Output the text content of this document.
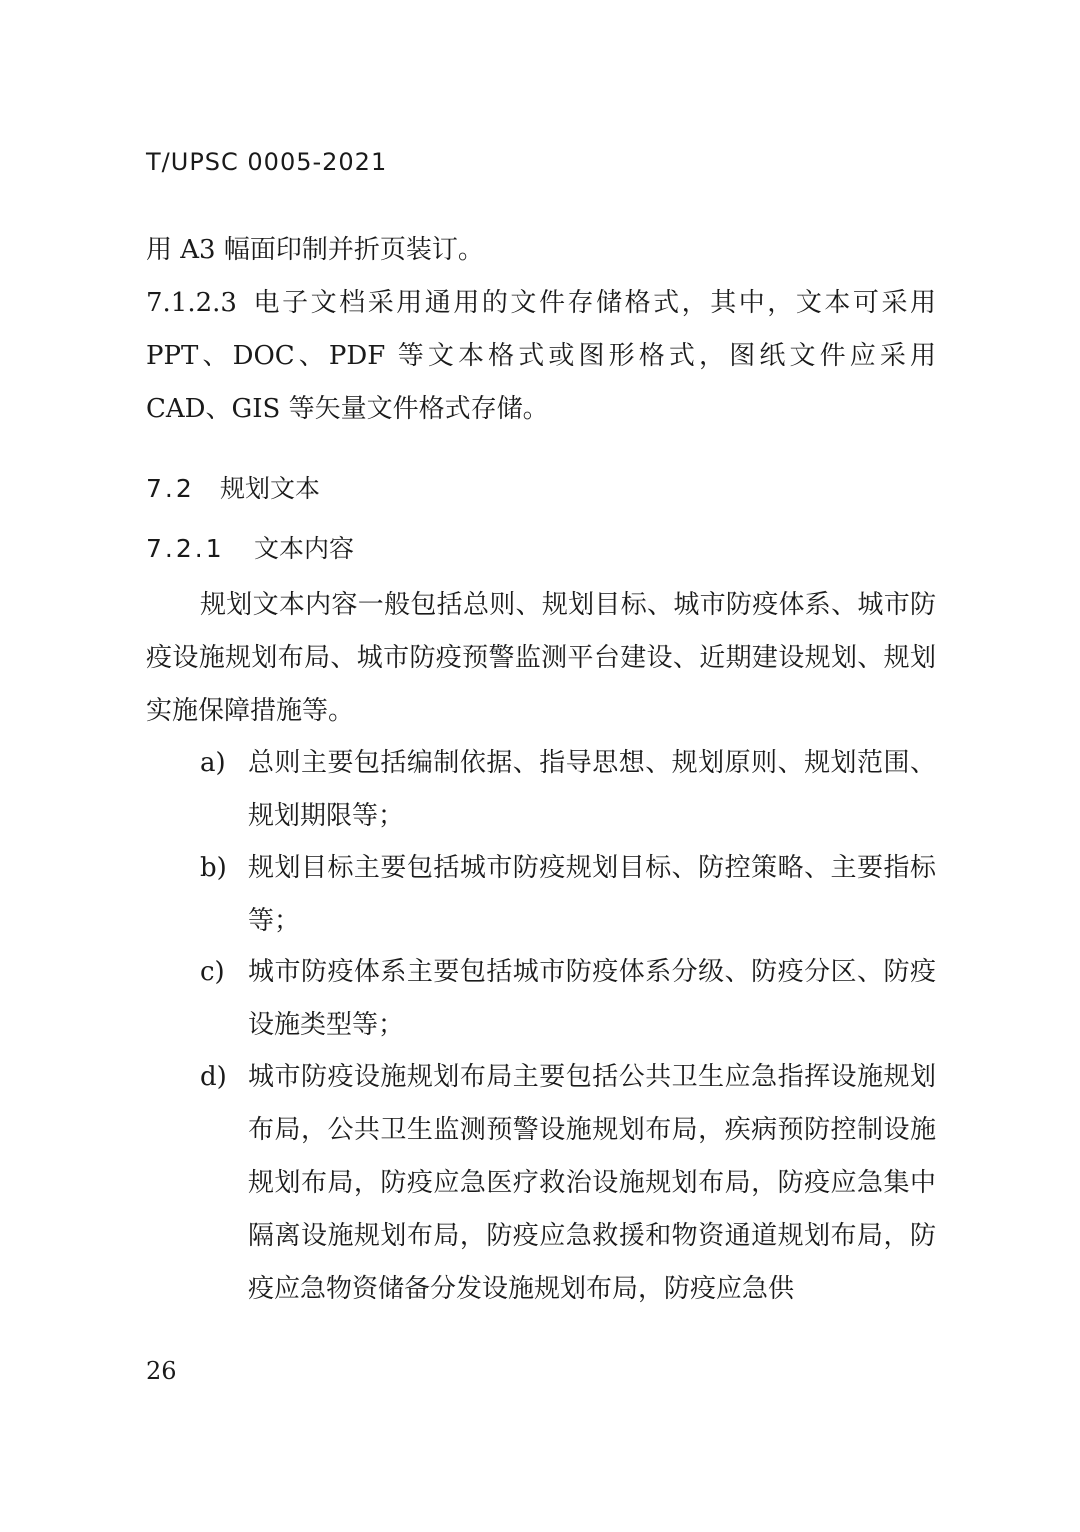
T/UPSC 0005-2021
用 A3 幅面印制并折页装订。
7.1.2.3 电子文档采用通用的文件存储格式，其中，文本可采用 PPT、DOC、PDF 等文本格式或图形格式，图纸文件应采用 CAD、GIS 等矢量文件格式存储。
7.2 规划文本
7.2.1 文本内容
规划文本内容一般包括总则、规划目标、城市防疫体系、城市防疫设施规划布局、城市防疫预警监测平台建设、近期建设规划、规划实施保障措施等。
a) 总则主要包括编制依据、指导思想、规划原则、规划范围、规划期限等；
b) 规划目标主要包括城市防疫规划目标、防控策略、主要指标等；
c) 城市防疫体系主要包括城市防疫体系分级、防疫分区、防疫设施类型等；
d) 城市防疫设施规划布局主要包括公共卫生应急指挥设施规划布局，公共卫生监测预警设施规划布局，疾病预防控制设施规划布局，防疫应急医疗救治设施规划布局，防疫应急集中隔离设施规划布局，防疫应急救援和物资通道规划布局，防疫应急物资储备分发设施规划布局，防疫应急供
26
